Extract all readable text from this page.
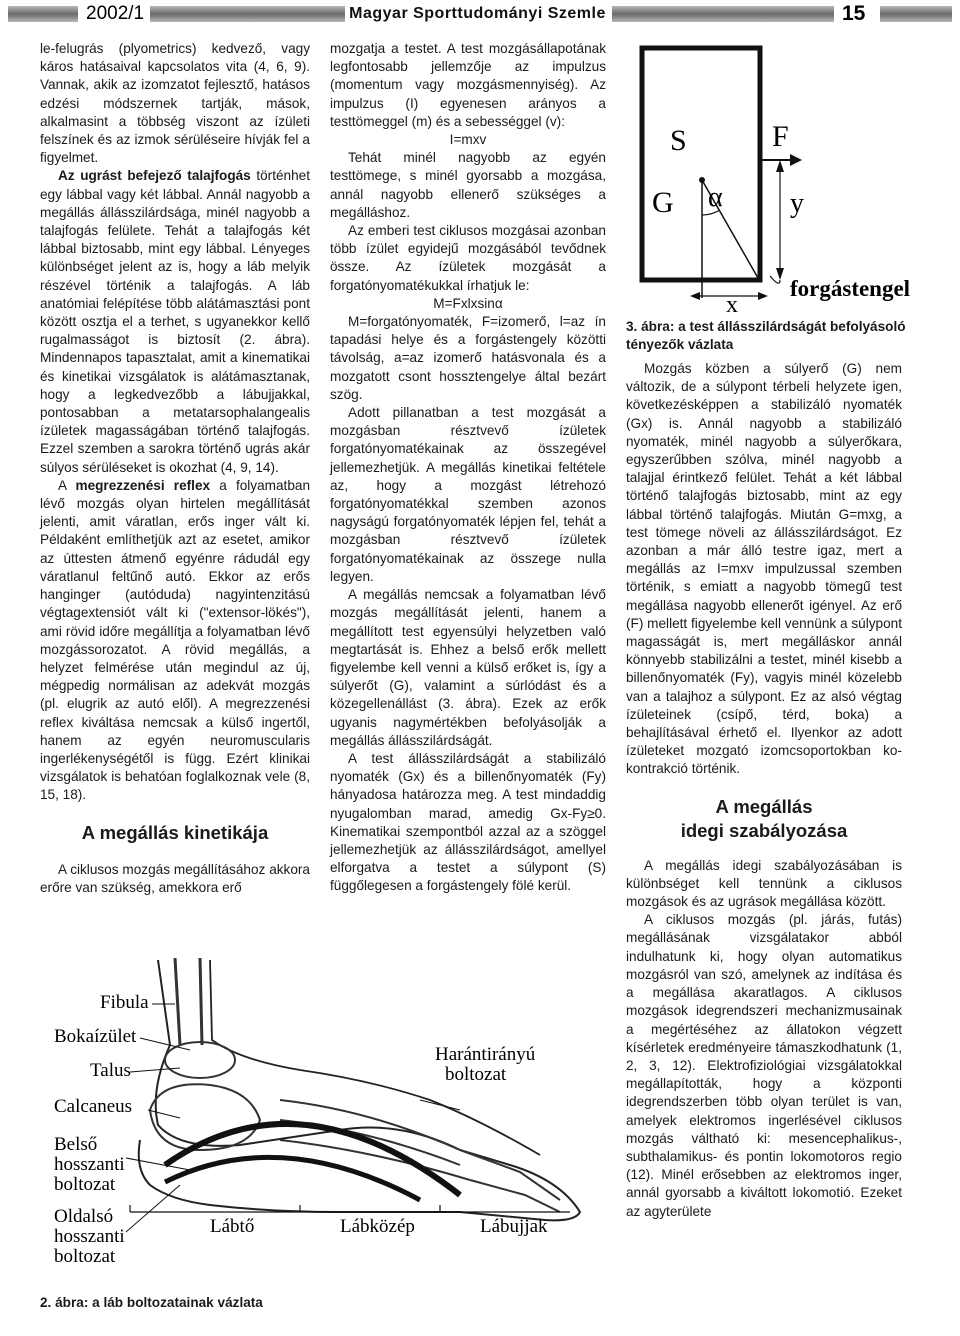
2002/1	Magyar Sporttudományi Szemle	15

le-felugrás (plyometrics) kedvező, vagy káros hatásaival kapcsolatos vita (4, 6, 9). Vannak, akik az izomzatot fejlesztő, hatásos edzési módszernek tartják, mások, alkalmasint a többség viszont az ízületi felszínek és az izmok sérüléseire hívják fel a figyelmet.

Az ugrást befejező talajfogás történhet egy lábbal vagy két lábbal. Annál nagyobb a megállás állásszilárdsága, minél nagyobb a talajfogás felülete. Tehát a talajfogás két lábbal biztosabb, mint egy lábbal. Lényeges különbséget jelent az is, hogy a láb melyik részével történik a talajfogás. A láb anatómiai felépítése több alátámasztási pont között osztja el a terhet, s ugyanekkor kellő rugalmasságot is biztosít (2. ábra). Mindennapos tapasztalat, amit a kinematikai és kinetikai vizsgálatok is alátámasztanak, hogy a legkedvezőbb a lábujjakkal, pontosabban a metatarsophalangealis ízületek magasságában történő talajfogás. Ezzel szemben a sarokra történő ugrás akár súlyos sérüléseket is okozhat (4, 9, 14).

A megrezzenési reflex a folyamatban lévő mozgás olyan hirtelen megállítását jelenti, amit váratlan, erős inger vált ki. Példaként említhetjük azt az esetet, amikor az úttesten átmenő egyénre rádudál egy váratlanul feltűnő autó. Ekkor az erős hanginger (autóduda) nagyintenzitású végtagextensiót vált ki ("extensor-lökés"), ami rövid időre megállítja a folyamatban lévő mozgássorozatot. A rövid megállás, a helyzet felmérése után megindul az új, mégpedig normálisan az adekvát mozgás (pl. elugrik az autó elől). A megrezzenési reflex kiváltása nemcsak a külső ingertől, hanem az egyén neuromuscularis ingerlékenységétől is függ. Ezért klinikai vizsgálatok is behatóan foglalkoznak vele (8, 15, 18).

A megállás kinetikája

A ciklusos mozgás megállításához akkora erőre van szükség, amekkora erő

mozgatja a testet. A test mozgásállapotának legfontosabb jellemzője az impulzus (momentum vagy mozgásmennyiség). Az impulzus (I) egyenesen arányos a testtömeggel (m) és a sebességgel (v):

I=mxv

Tehát minél nagyobb az egyén testtömege, s minél gyorsabb a mozgása, annál nagyobb ellenerő szükséges a megálláshoz.

Az emberi test ciklusos mozgásai azonban több ízület egyidejű mozgásából tevődnek össze. Az ízületek mozgását a forgatónyomatékukkal írhatjuk le:

M=Fxlxsinα

M=forgatónyomaték, F=izomerő, l=az ín tapadási helye és a forgástengely közötti távolság, a=az izomerő hatásvonala és a mozgatott csont hossztengelye által bezárt szög.

Adott pillanatban a test mozgását a mozgásban résztvevő ízületek forgatónyomatékainak az összegével jellemezhetjük. A megállás kinetikai feltétele az, hogy a mozgást létrehozó forgatónyomatékkal szemben azonos nagyságú forgatónyomaték lépjen fel, tehát a mozgásban résztvevő ízületek forgatónyomatékainak az összege nulla legyen.

A megállás nemcsak a folyamatban lévő mozgás megállítását jelenti, hanem a megállított test egyensúlyi helyzetben való megtartását is. Ehhez a belső erők mellett figyelembe kell venni a külső erőket is, így a súlyerőt (G), valamint a súrlódást és a közegellenállást (3. ábra). Ezek az erők ugyanis nagymértékben befolyásolják a megállás állásszilárdságát.

A test állásszilárdságát a stabilizáló nyomaték (Gx) és a billenőnyomaték (Fy) hányadosa határozza meg. A test mindaddig nyugalomban marad, amedig Gx-Fy≥0. Kinematikai szempontból azzal az a szöggel jellemezhetjük az állásszilárdságot, amellyel elforgatva a testet a súlypont (S) függőlegesen a forgástengely fölé kerül.

S
G α
F
y
x
forgástengely
3. ábra: a test állásszilárdságát befolyásoló tényezők vázlata

Mozgás közben a súlyerő (G) nem változik, de a súlypont térbeli helyzete igen, következésképpen a stabilizáló nyomaték (Gx) is. Annál nagyobb a stabilizáló nyomaték, minél nagyobb a súlyerőkara, egyszerűbben szólva, minél nagyobb a talajjal érintkező felület. Tehát a két lábbal történő talajfogás biztosabb, mint az egy lábbal történő talajfogás. Miután G=mxg, a test tömege növeli az állásszilárdságot. Ez azonban a már álló testre igaz, mert a megállás az I=mxv impulzussal szemben történik, s emiatt a nagyobb tömegű test megállása nagyobb ellenerőt igényel. Az erő (F) mellett figyelembe kell vennünk a súlypont magasságát is, mert megálláskor annál könnyebb stabilizálni a testet, minél kisebb a billenőnyomaték (Fy), vagyis minél közelebb van a talajhoz a súlypont. Ez az alsó végtag ízületeinek (csípő, térd, boka) a behajlításával érhető el. Ilyenkor az adott ízületeket mozgató izomcsoportokban ko-kontrakció történik.

A megállás
idegi szabályozása

A megállás idegi szabályozásában is különbséget kell tennünk a ciklusos mozgások és az ugrások megállása között.

A ciklusos mozgás (pl. járás, futás) megállásának vizsgálatakor abból indulhatunk ki, hogy olyan automatikus mozgásról van szó, amelynek az indítása és a megállása akaratlagos. A ciklusos mozgások idegrendszeri mechanizmusainak a megértéséhez az állatokon végzett kísérletek eredményeire támaszkodhatunk (1, 2, 3, 12). Elektrofiziológiai vizsgálatokkal megállapították, hogy a központi idegrendszerben több olyan terület is van, amelyek elektromos ingerlésével ciklusos mozgás váltható ki: mesencephalikus-, subthalamikus- és pontin lokomotoros regio (12). Minél erősebben az elektromos inger, annál gyorsabb a kiváltott lokomotió. Ezeket az agyterülete

Fibula
Bokaízület
Talus
Calcaneus
Belső
hosszanti
boltozat
Oldalsó
hosszanti
boltozat
Lábtő	Lábközép	Lábujjak
Harántirányú
boltozat
2. ábra: a láb boltozatainak vázlata
